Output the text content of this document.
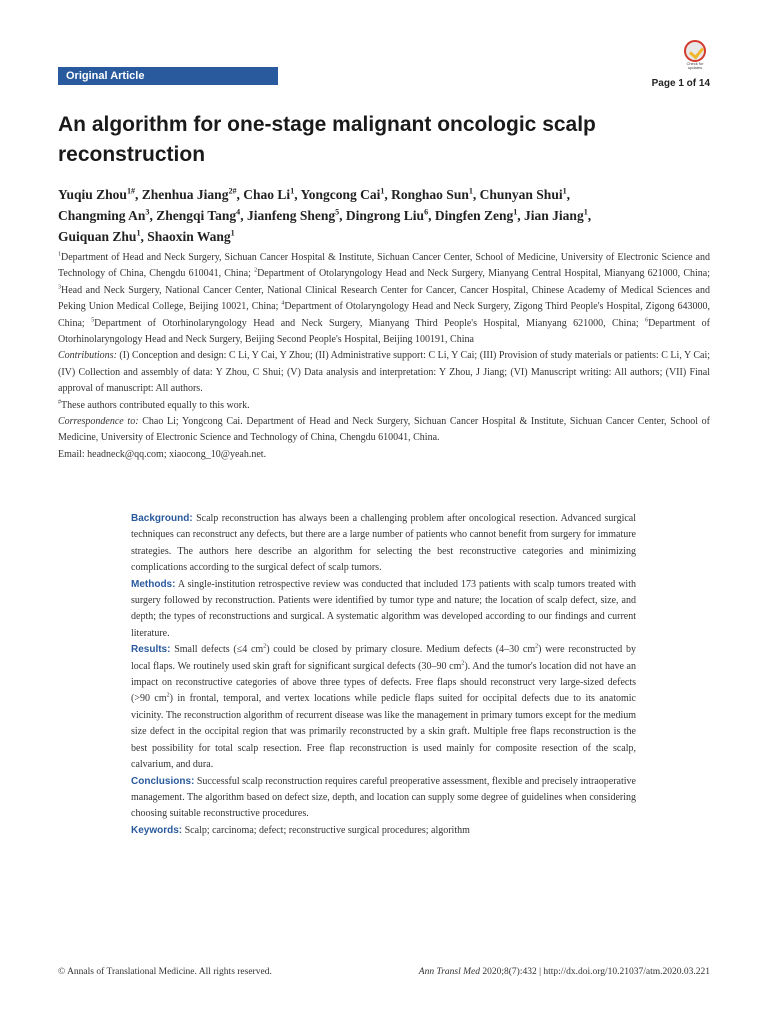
Original Article
Check for updates
Page 1 of 14
An algorithm for one-stage malignant oncologic scalp reconstruction
Yuqiu Zhou$^{1\#}$, Zhenhua Jiang$^{2\#}$, Chao Li$^1$, Yongcong Cai$^1$, Ronghao Sun$^1$, Chunyan Shui$^1$,
Changming An$^3$, Zhengqi Tang$^4$, Jianfeng Sheng$^5$, Dingrong Liu$^6$, Dingfen Zeng$^1$, Jian Jiang$^1$,
Guiquan Zhu$^1$, Shaoxin Wang$^1$

$^1$Department of Head and Neck Surgery, Sichuan Cancer Hospital & Institute, Sichuan Cancer Center, School of Medicine, University of Electronic Science and Technology of China, Chengdu 610041, China; $^2$Department of Otolaryngology Head and Neck Surgery, Mianyang Central Hospital, Mianyang 621000, China; $^3$Head and Neck Surgery, National Cancer Center, National Clinical Research Center for Cancer, Cancer Hospital, Chinese Academy of Medical Sciences and Peking Union Medical College, Beijing 10021, China; $^4$Department of Otolaryngology Head and Neck Surgery, Zigong Third People's Hospital, Zigong 643000, China; $^5$Department of Otorhinolaryngology Head and Neck Surgery, Mianyang Third People's Hospital, Mianyang 621000, China; $^6$Department of Otorhinolaryngology Head and Neck Surgery, Beijing Second People's Hospital, Beijing 100191, China

Contributions: (I) Conception and design: C Li, Y Cai, Y Zhou; (II) Administrative support: C Li, Y Cai; (III) Provision of study materials or patients: C Li, Y Cai; (IV) Collection and assembly of data: Y Zhou, C Shui; (V) Data analysis and interpretation: Y Zhou, J Jiang; (VI) Manuscript writing: All authors; (VII) Final approval of manuscript: All authors.

#These authors contributed equally to this work.

Correspondence to: Chao Li; Yongcong Cai. Department of Head and Neck Surgery, Sichuan Cancer Hospital & Institute, Sichuan Cancer Center, School of Medicine, University of Electronic Science and Technology of China, Chengdu 610041, China.

Email: headneck@qq.com; xiaocong_10@yeah.net.

Background: Scalp reconstruction has always been a challenging problem after oncological resection. Advanced surgical techniques can reconstruct any defects, but there are a large number of patients who cannot benefit from surgery for immature strategies. The authors here describe an algorithm for selecting the best reconstructive categories and minimizing complications according to the surgical defect of scalp tumors.

Methods: A single-institution retrospective review was conducted that included 173 patients with scalp tumors treated with surgery followed by reconstruction. Patients were identified by tumor type and nature; the location of scalp defect, size, and depth; the types of reconstructions and surgical. A systematic algorithm was developed according to our findings and current literature.

Results: Small defects (≤4 $cm^2$) could be closed by primary closure. Medium defects (4–30 $cm^2$) were reconstructed by local flaps. We routinely used skin graft for significant surgical defects (30–90 $cm^2$). And the tumor's location did not have an impact on reconstructive categories of above three types of defects. Free flaps should reconstruct very large-sized defects (>90 $cm^2$) in frontal, temporal, and vertex locations while pedicle flaps suited for occipital defects due to its anatomic vicinity. The reconstruction algorithm of recurrent disease was like the management in primary tumors except for the medium size defect in the occipital region that was primarily reconstructed by a skin graft. Multiple free flaps reconstruction is the best possibility for total scalp resection. Free flap reconstruction is used mainly for composite resection of the scalp, calvarium, and dura.

Conclusions: Successful scalp reconstruction requires careful preoperative assessment, flexible and precisely intraoperative management. The algorithm based on defect size, depth, and location can supply some degree of guidelines when considering choosing suitable reconstructive procedures.

Keywords: Scalp; carcinoma; defect; reconstructive surgical procedures; algorithm

© Annals of Translational Medicine. All rights reserved.	Ann Transl Med 2020;8(7):432 | http://dx.doi.org/10.21037/atm.2020.03.221
